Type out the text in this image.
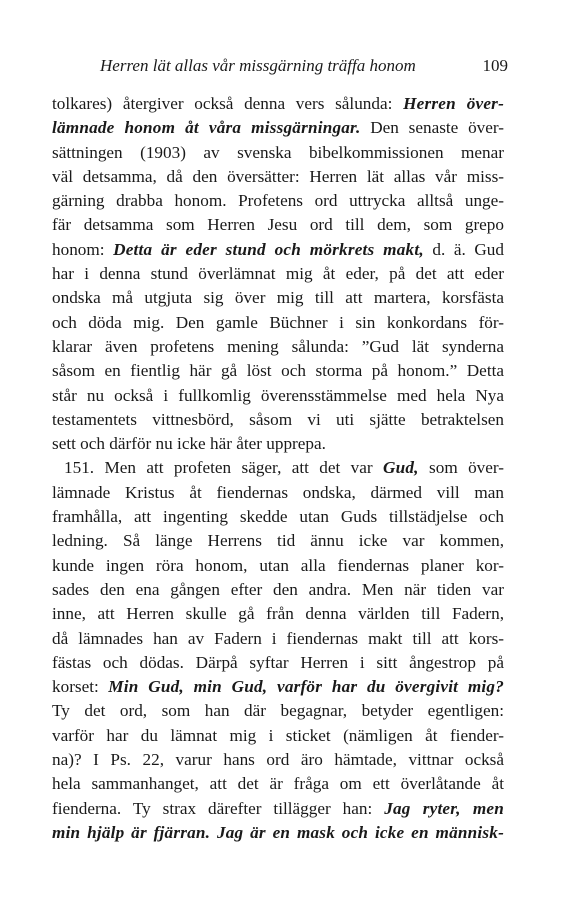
Herren lät allas vår missgärning träffa honom	109
tolkares) återgiver också denna vers sålunda: Herren över-
lämnade honom åt våra missgärningar. Den senaste över-
sättningen (1903) av svenska bibelkommissionen menar
väl detsamma, då den översätter: Herren lät allas vår miss-
gärning drabba honom. Profetens ord uttrycka alltså unge-
fär detsamma som Herren Jesu ord till dem, som grepo
honom: Detta är eder stund och mörkrets makt, d. ä. Gud
har i denna stund överlämnat mig åt eder, på det att eder
ondska må utgjuta sig över mig till att martera, korsfästa
och döda mig. Den gamle Büchner i sin konkordans för-
klarar även profetens mening sålunda: ”Gud lät synderna
såsom en fientlig här gå löst och storma på honom.” Detta
står nu också i fullkomlig överensstämmelse med hela Nya
testamentets vittnesbörd, såsom vi uti sjätte betraktelsen
sett och därför nu icke här åter upprepa.
151. Men att profeten säger, att det var Gud, som över-
lämnade Kristus åt fiendernas ondska, därmed vill man
framhålla, att ingenting skedde utan Guds tillstädjelse och
ledning. Så länge Herrens tid ännu icke var kommen,
kunde ingen röra honom, utan alla fiendernas planer kor-
sades den ena gången efter den andra. Men när tiden var
inne, att Herren skulle gå från denna världen till Fadern,
då lämnades han av Fadern i fiendernas makt till att kors-
fästas och dödas. Därpå syftar Herren i sitt ångestrop på
korset: Min Gud, min Gud, varför har du övergivit mig?
Ty det ord, som han där begagnar, betyder egentligen:
varför har du lämnat mig i sticket (nämligen åt fiender-
na)? I Ps. 22, varur hans ord äro hämtade, vittnar också
hela sammanhanget, att det är fråga om ett överlåtande åt
fienderna. Ty strax därefter tillägger han: Jag ryter, men
min hjälp är fjärran. Jag är en mask och icke en människ-
